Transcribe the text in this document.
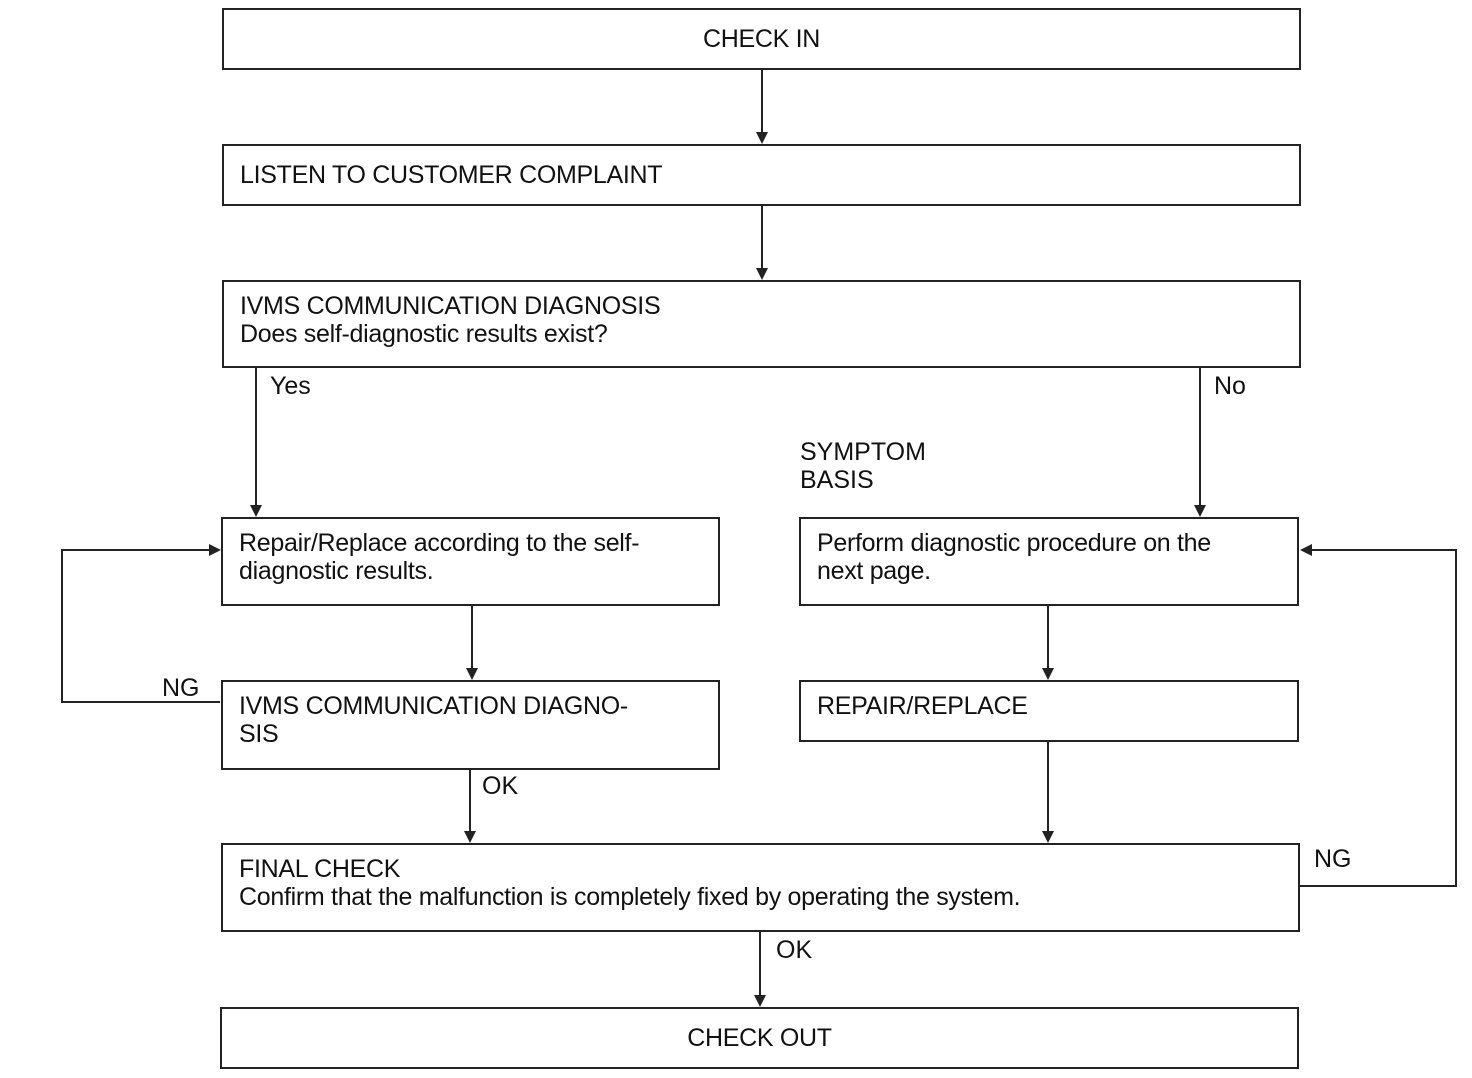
CHECK IN
LISTEN TO CUSTOMER COMPLAINT
IVMS COMMUNICATION DIAGNOSIS
Does self-diagnostic results exist?
Yes	No
SYMPTOM
BASIS
Repair/Replace according to the self-
diagnostic results.
Perform diagnostic procedure on the
next page.
NG
IVMS COMMUNICATION DIAGNO-
SIS
REPAIR/REPLACE
OK
NG
FINAL CHECK
Confirm that the malfunction is completely fixed by operating the system.
OK
CHECK OUT
